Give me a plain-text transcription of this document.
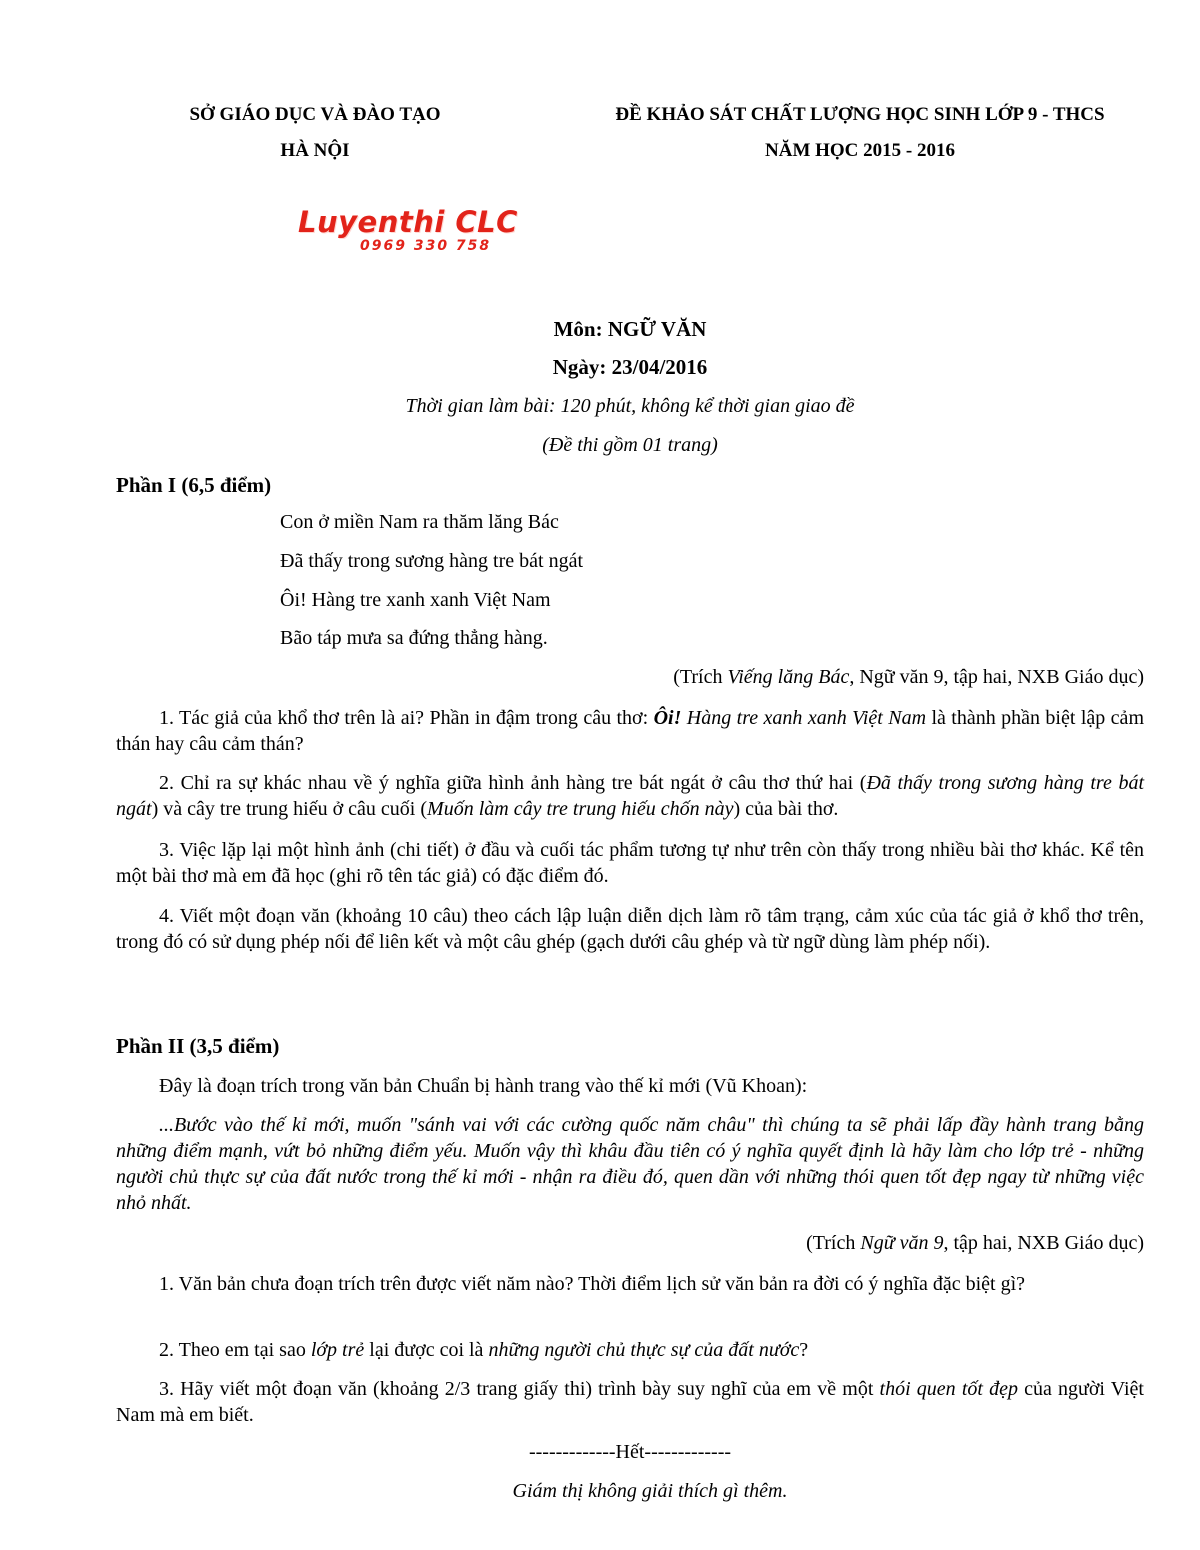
SỞ GIÁO DỤC VÀ ĐÀO TẠO
HÀ NỘI
ĐỀ KHẢO SÁT CHẤT LƯỢNG HỌC SINH LỚP 9 - THCS
NĂM HỌC 2015 - 2016
Luyenthi CLC
0969 330 758
Môn: NGỮ VĂN
Ngày: 23/04/2016
Thời gian làm bài: 120 phút, không kể thời gian giao đề
(Đề thi gồm 01 trang)
Phần I (6,5 điểm)
Con ở miền Nam ra thăm lăng Bác
Đã thấy trong sương hàng tre bát ngát
Ôi! Hàng tre xanh xanh Việt Nam
Bão táp mưa sa đứng thẳng hàng.
(Trích Viếng lăng Bác, Ngữ văn 9, tập hai, NXB Giáo dục)

1. Tác giả của khổ thơ trên là ai? Phần in đậm trong câu thơ: Ôi! Hàng tre xanh xanh Việt Nam là thành phần biệt lập cảm thán hay câu cảm thán?

2. Chỉ ra sự khác nhau về ý nghĩa giữa hình ảnh hàng tre bát ngát ở câu thơ thứ hai (Đã thấy trong sương hàng tre bát ngát) và cây tre trung hiếu ở câu cuối (Muốn làm cây tre trung hiếu chốn này) của bài thơ.

3. Việc lặp lại một hình ảnh (chi tiết) ở đầu và cuối tác phẩm tương tự như trên còn thấy trong nhiều bài thơ khác. Kể tên một bài thơ mà em đã học (ghi rõ tên tác giả) có đặc điểm đó.

4. Viết một đoạn văn (khoảng 10 câu) theo cách lập luận diễn dịch làm rõ tâm trạng, cảm xúc của tác giả ở khổ thơ trên, trong đó có sử dụng phép nối để liên kết và một câu ghép (gạch dưới câu ghép và từ ngữ dùng làm phép nối).

Phần II (3,5 điểm)

Đây là đoạn trích trong văn bản Chuẩn bị hành trang vào thế kỉ mới (Vũ Khoan):

...Bước vào thế kỉ mới, muốn "sánh vai với các cường quốc năm châu" thì chúng ta sẽ phải lấp đầy hành trang bằng những điểm mạnh, vứt bỏ những điểm yếu. Muốn vậy thì khâu đầu tiên có ý nghĩa quyết định là hãy làm cho lớp trẻ - những người chủ thực sự của đất nước trong thế kỉ mới - nhận ra điều đó, quen dần với những thói quen tốt đẹp ngay từ những việc nhỏ nhất.

(Trích Ngữ văn 9, tập hai, NXB Giáo dục)

1. Văn bản chưa đoạn trích trên được viết năm nào? Thời điểm lịch sử văn bản ra đời có ý nghĩa đặc biệt gì?

2. Theo em tại sao lớp trẻ lại được coi là những người chủ thực sự của đất nước?

3. Hãy viết một đoạn văn (khoảng 2/3 trang giấy thi) trình bày suy nghĩ của em về một thói quen tốt đẹp của người Việt Nam mà em biết.

-------------Hết-------------
Giám thị không giải thích gì thêm.
